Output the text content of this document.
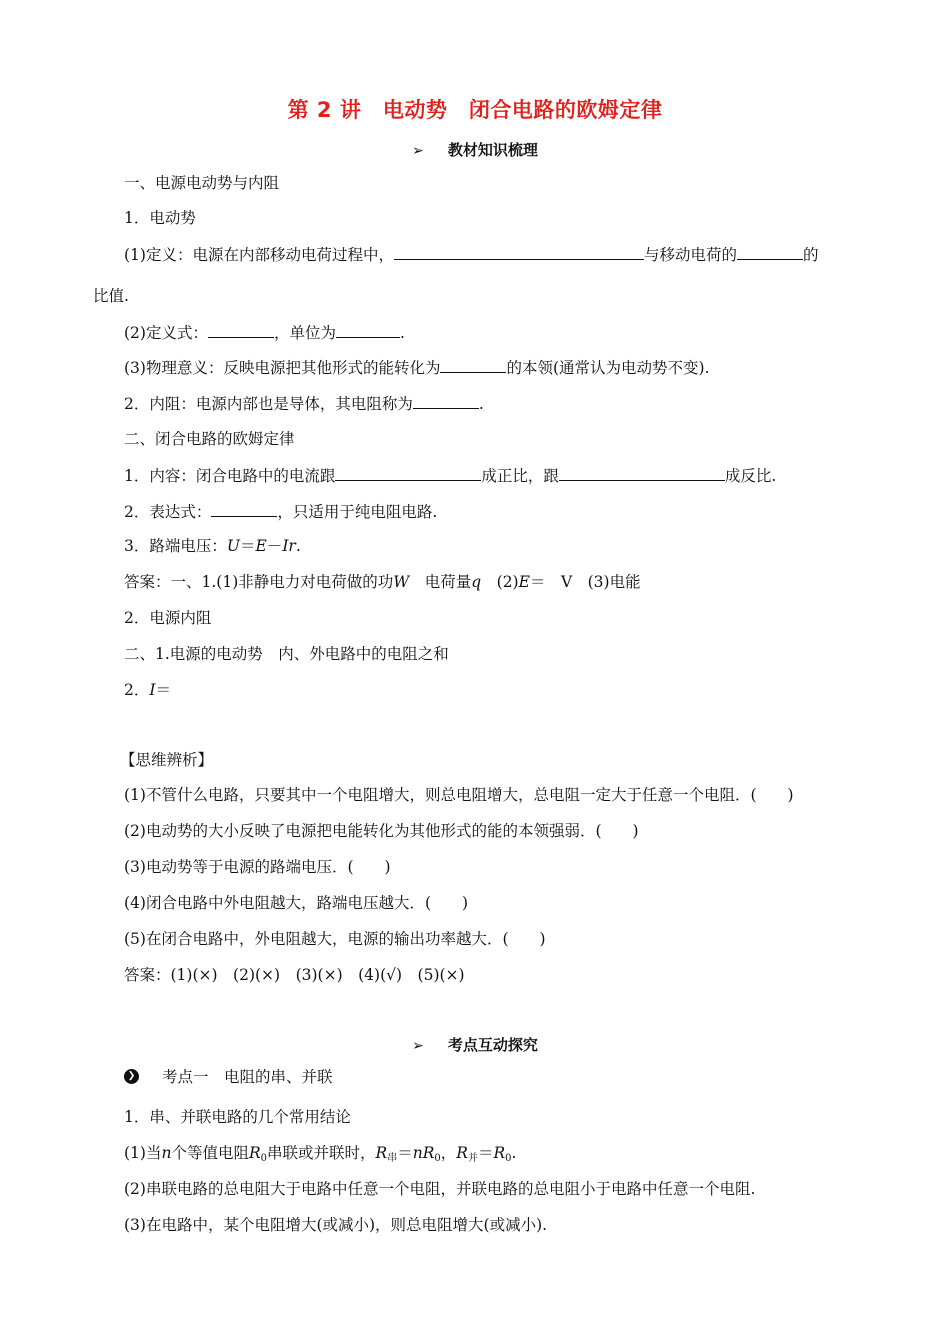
第 2 讲　电动势　闭合电路的欧姆定律
➢ 教材知识梳理
一、电源电动势与内阻
1．电动势
(1)定义：电源在内部移动电荷过程中，	与移动电荷的	的
比值.
(2)定义式：	，单位为	.
(3)物理意义：反映电源把其他形式的能转化为	的本领(通常认为电动势不变).
2．内阻：电源内部也是导体，其电阻称为	.
二、闭合电路的欧姆定律
1．内容：闭合电路中的电流跟	成正比，跟	成反比.
2．表达式：	，只适用于纯电阻电路.
3．路端电压：U＝E－Ir.
答案：一、1.(1)非静电力对电荷做的功W　电荷量q　(2)E＝　V　(3)电能
2．电源内阻
二、1.电源的电动势　内、外电路中的电阻之和
2．I＝
【思维辨析】
(1)不管什么电路，只要其中一个电阻增大，则总电阻增大，总电阻一定大于任意一个电阻．(　　)
(2)电动势的大小反映了电源把电能转化为其他形式的能的本领强弱．(　　)
(3)电动势等于电源的路端电压．(　　)
(4)闭合电路中外电阻越大，路端电压越大．(　　)
(5)在闭合电路中，外电阻越大，电源的输出功率越大．(　　)
答案：(1)(×)　(2)(×)　(3)(×)　(4)(√)　(5)(×)
➢ 考点互动探究
❯ 考点一　电阻的串、并联
1．串、并联电路的几个常用结论
(1)当n个等值电阻$R_0$串联或并联时，$R_串=nR_0$，$R_并=R_0$.
(2)串联电路的总电阻大于电路中任意一个电阻，并联电路的总电阻小于电路中任意一个电阻.
(3)在电路中，某个电阻增大(或减小)，则总电阻增大(或减小).
